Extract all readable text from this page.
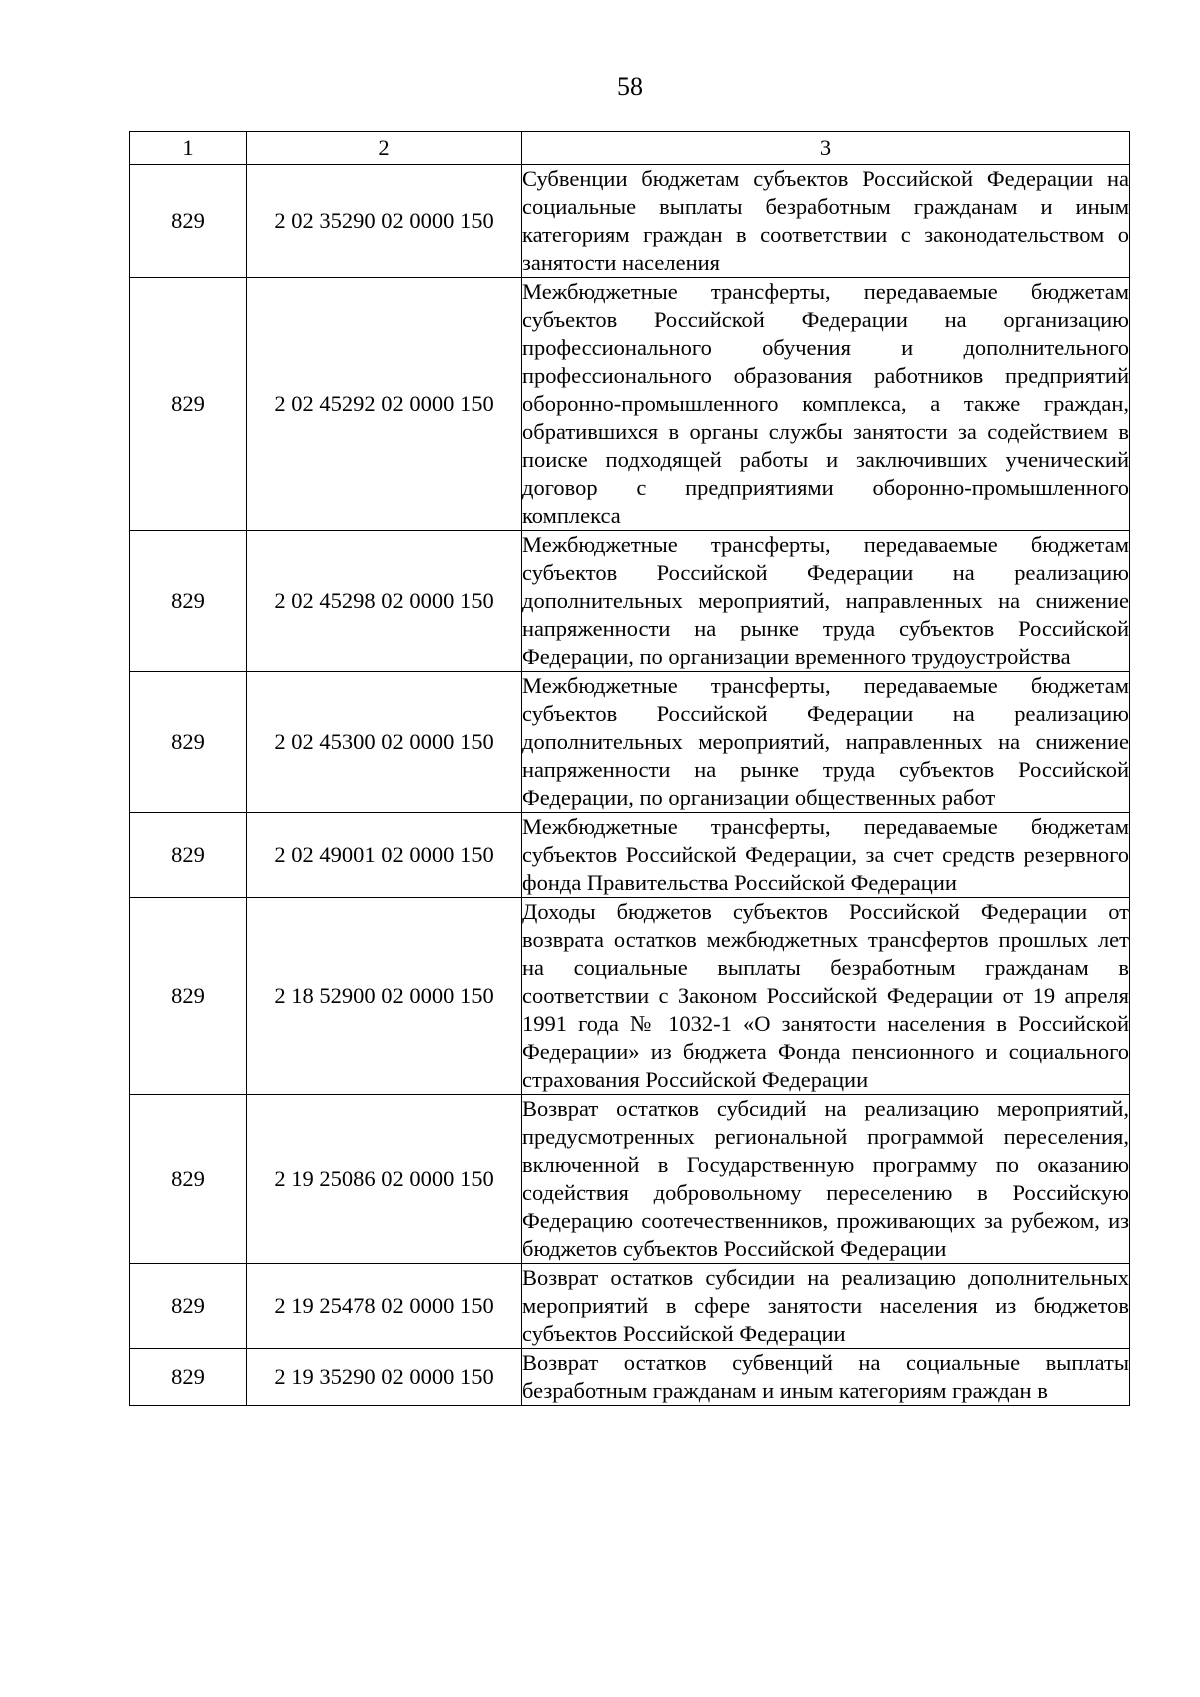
58
1	2	3
829	2 02 35290 02 0000 150	Субвенции бюджетам субъектов Российской Федерации на социальные выплаты безработным гражданам и иным категориям граждан в соответствии с законодательством о занятости населения
829	2 02 45292 02 0000 150	Межбюджетные трансферты, передаваемые бюджетам субъектов Российской Федерации на организацию профессионального обучения и дополнительного профессионального образования работников предприятий оборонно-промышленного комплекса, а также граждан, обратившихся в органы службы занятости за содействием в поиске подходящей работы и заключивших ученический договор с предприятиями оборонно-промышленного комплекса
829	2 02 45298 02 0000 150	Межбюджетные трансферты, передаваемые бюджетам субъектов Российской Федерации на реализацию дополнительных мероприятий, направленных на снижение напряженности на рынке труда субъектов Российской Федерации, по организации временного трудоустройства
829	2 02 45300 02 0000 150	Межбюджетные трансферты, передаваемые бюджетам субъектов Российской Федерации на реализацию дополнительных мероприятий, направленных на снижение напряженности на рынке труда субъектов Российской Федерации, по организации общественных работ
829	2 02 49001 02 0000 150	Межбюджетные трансферты, передаваемые бюджетам субъектов Российской Федерации, за счет средств резервного фонда Правительства Российской Федерации
829	2 18 52900 02 0000 150	Доходы бюджетов субъектов Российской Федерации от возврата остатков межбюджетных трансфертов прошлых лет на социальные выплаты безработным гражданам в соответствии с Законом Российской Федерации от 19 апреля 1991 года № 1032-1 «О занятости населения в Российской Федерации» из бюджета Фонда пенсионного и социального страхования Российской Федерации
829	2 19 25086 02 0000 150	Возврат остатков субсидий на реализацию мероприятий, предусмотренных региональной программой переселения, включенной в Государственную программу по оказанию содействия добровольному переселению в Российскую Федерацию соотечественников, проживающих за рубежом, из бюджетов субъектов Российской Федерации
829	2 19 25478 02 0000 150	Возврат остатков субсидии на реализацию дополнительных мероприятий в сфере занятости населения из бюджетов субъектов Российской Федерации
829	2 19 35290 02 0000 150	Возврат остатков субвенций на социальные выплаты безработным гражданам и иным категориям граждан в
